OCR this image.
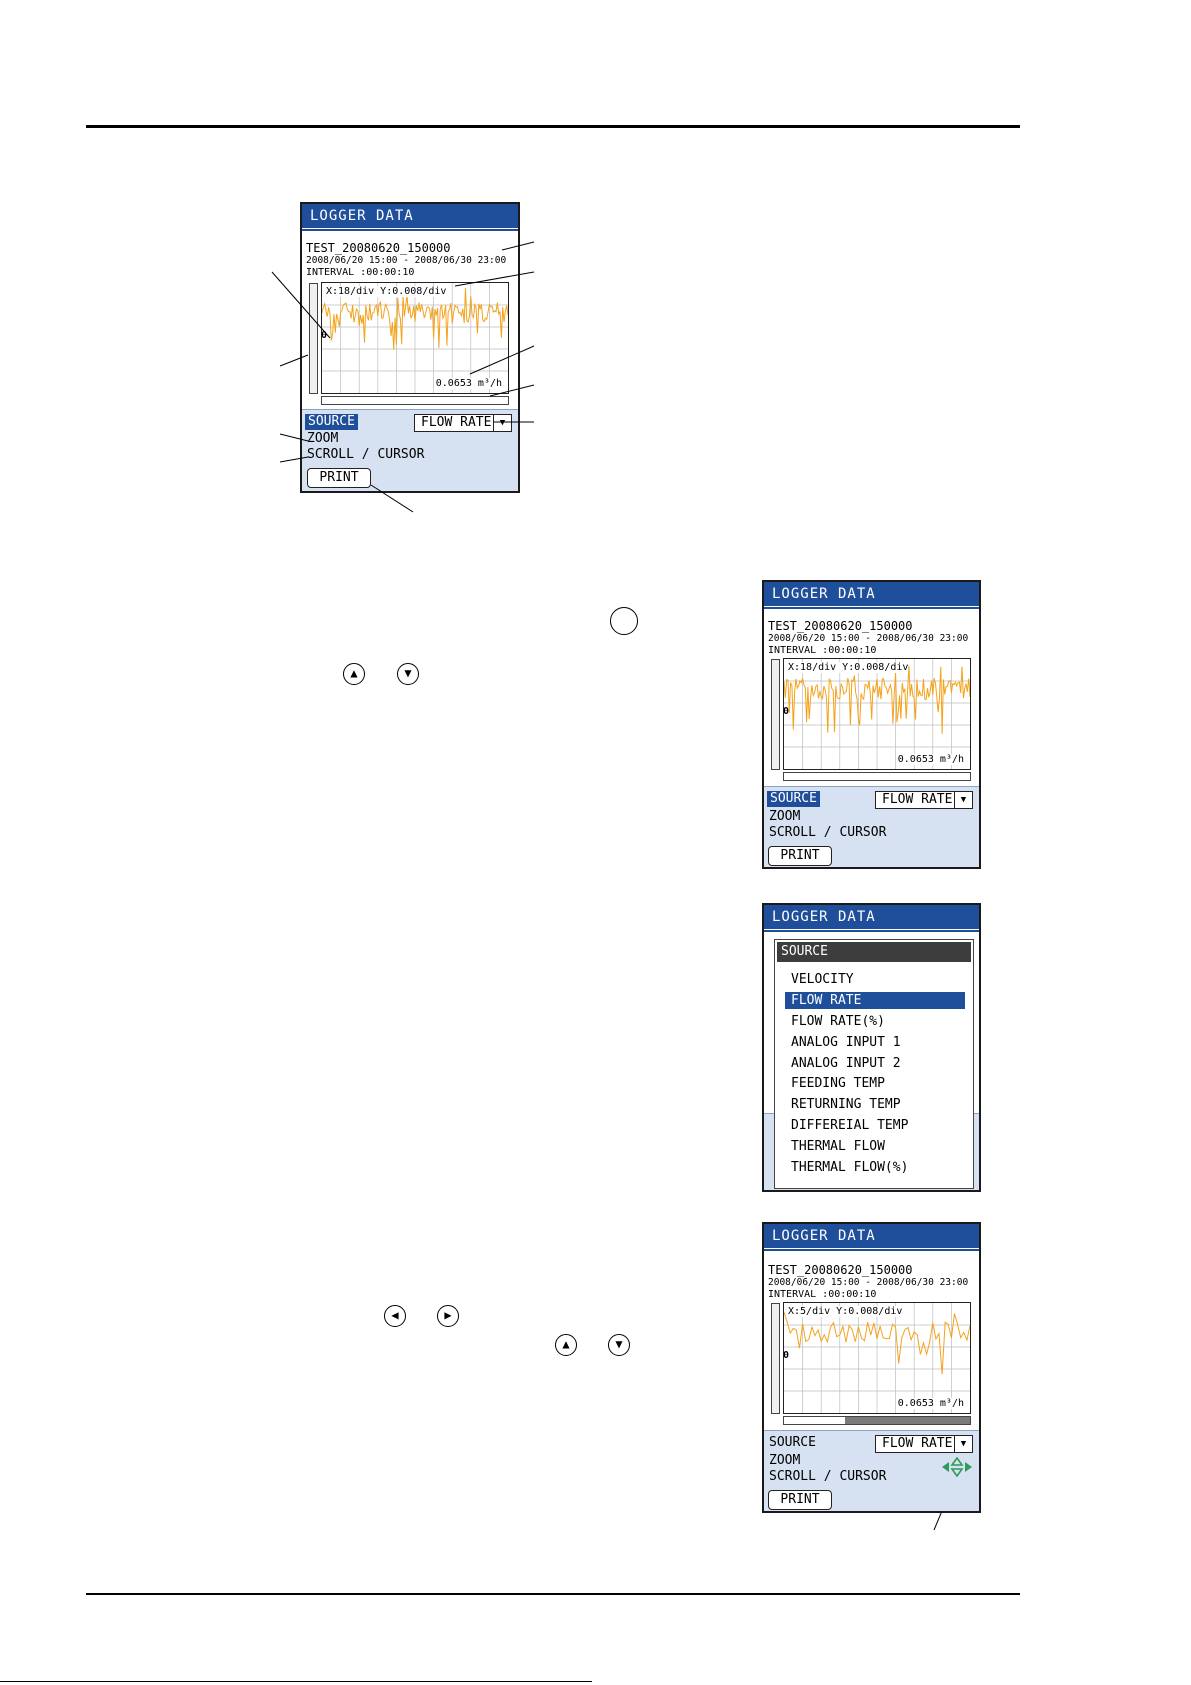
LOGGER DATA
TEST_20080620_150000
2008/06/20 15:00 - 2008/06/30 23:00
INTERVAL :00:00:10
X:18/div Y:0.008/div
0
0.0653 m³/h
SOURCE
ZOOM
SCROLL / CURSOR
FLOW RATE ▼
PRINT
▲	▼
◀	▶
▲	▼
LOGGER DATA
TEST_20080620_150000
2008/06/20 15:00 - 2008/06/30 23:00
INTERVAL :00:00:10
X:18/div Y:0.008/div
0
0.0653 m³/h
SOURCE
ZOOM
SCROLL / CURSOR
FLOW RATE ▼
PRINT
LOGGER DATA
SOURCE
VELOCITY
FLOW RATE
FLOW RATE(%)
ANALOG INPUT 1
ANALOG INPUT 2
FEEDING TEMP
RETURNING TEMP
DIFFEREIAL TEMP
THERMAL FLOW
THERMAL FLOW(%)
LOGGER DATA
TEST_20080620_150000
2008/06/20 15:00 - 2008/06/30 23:00
INTERVAL :00:00:10
X:5/div Y:0.008/div
0
0.0653 m³/h
SOURCE
ZOOM
SCROLL / CURSOR
FLOW RATE ▼
PRINT
